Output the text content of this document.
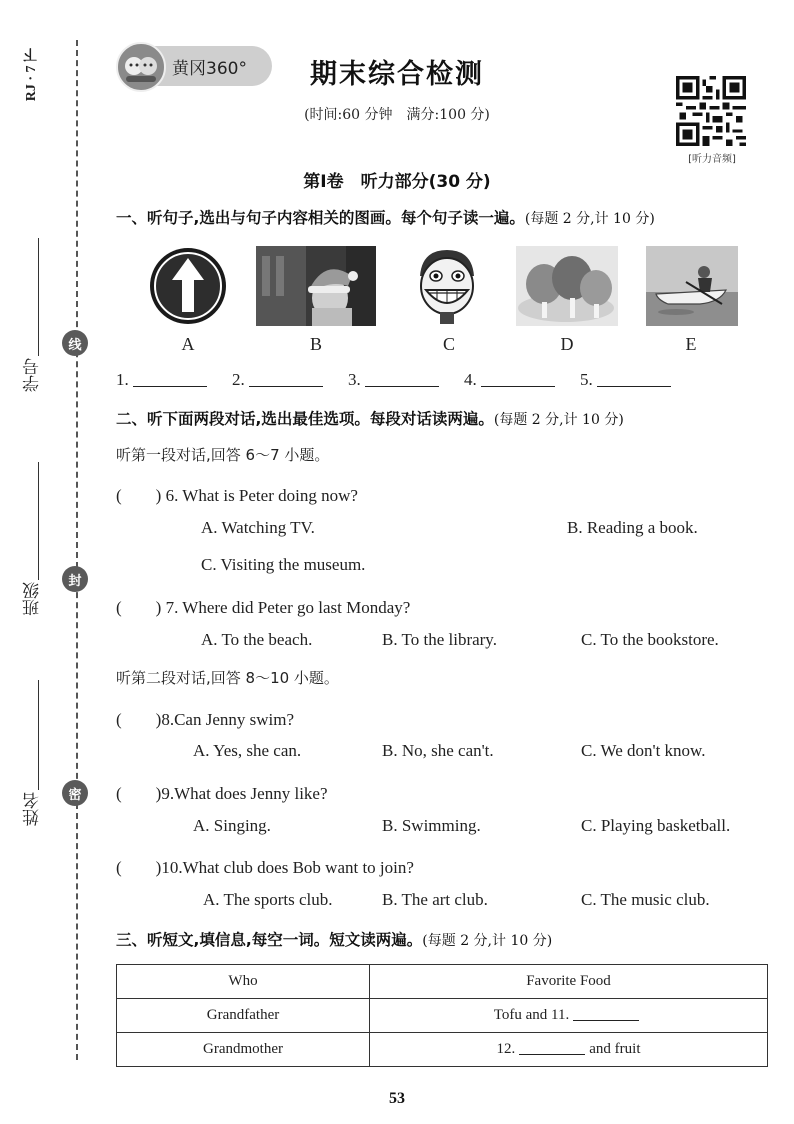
RJ · 7 下
学号
班级
姓名
线
封
密
黄冈360°	期末综合检测
(时间:60 分钟　满分:100 分)
[听力音频]
第Ⅰ卷　听力部分(30 分)
一、听句子,选出与句子内容相关的图画。每个句子读一遍。(每题 2 分,计 10 分)
A	B	C	D	E
1.	2.	3.	4.	5.
二、听下面两段对话,选出最佳选项。每段对话读两遍。(每题 2 分,计 10 分)
听第一段对话,回答 6～7 小题。
(　　) 6. What is Peter doing now?
A. Watching TV.	B. Reading a book.
C. Visiting the museum.
(　　) 7. Where did Peter go last Monday?
A. To the beach.	B. To the library.	C. To the bookstore.
听第二段对话,回答 8～10 小题。
(　　)8.Can Jenny swim?
A. Yes, she can.	B. No, she can't.	C. We don't know.
(　　)9.What does Jenny like?
A. Singing.	B. Swimming.	C. Playing basketball.
(　　)10.What club does Bob want to join?
A. The sports club.	B. The art club.	C. The music club.
三、听短文,填信息,每空一词。短文读两遍。(每题 2 分,计 10 分)
Who	Favorite Food
Grandfather	Tofu and 11.
Grandmother	12. and fruit
53
